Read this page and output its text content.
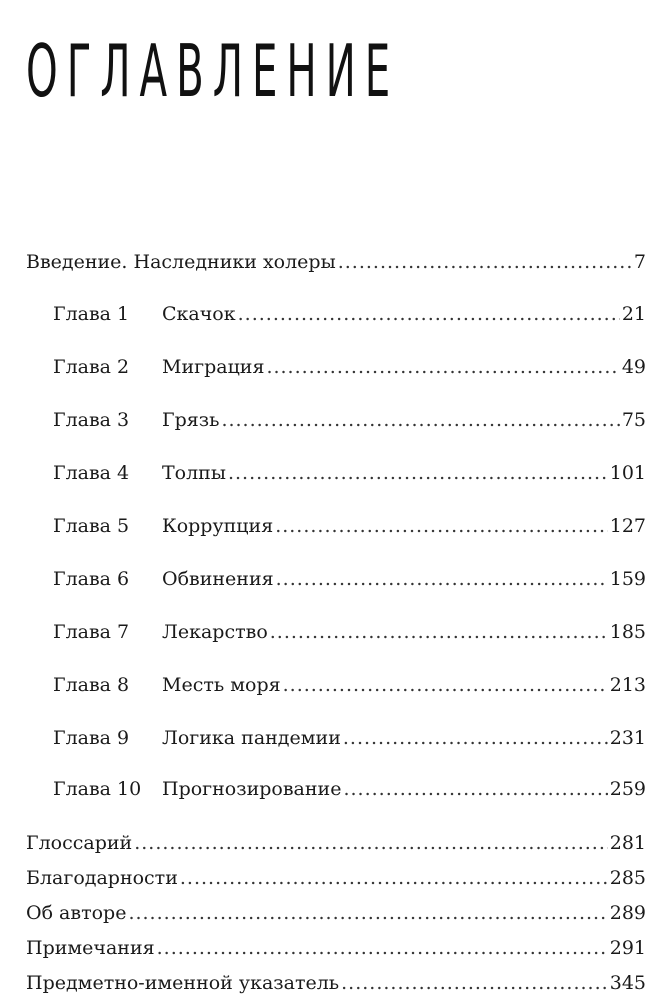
ОГЛАВЛЕНИЕ
Введение. Наследники холеры .....	7
Глава 1	Скачок .....	21
Глава 2	Миграция .....	49
Глава 3	Грязь .....	75
Глава 4	Толпы .....	101
Глава 5	Коррупция .....	127
Глава 6	Обвинения .....	159
Глава 7	Лекарство .....	185
Глава 8	Месть моря .....	213
Глава 9	Логика пандемии .....	231
Глава 10	Прогнозирование .....	259
Глоссарий .....	281
Благодарности .....	285
Об авторе .....	289
Примечания .....	291
Предметно-именной указатель .....	345
